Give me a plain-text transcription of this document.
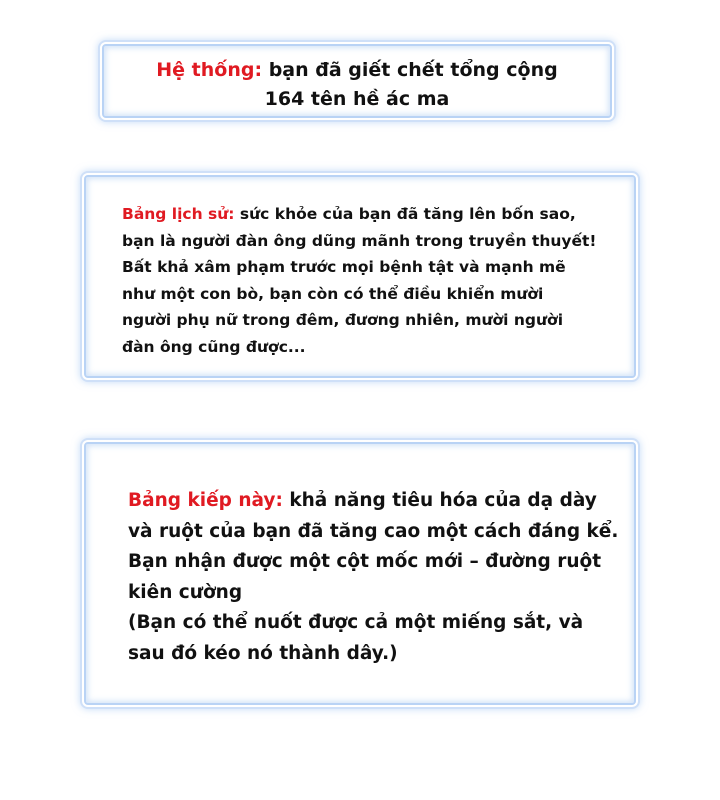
Hệ thống: bạn đã giết chết tổng cộng
164 tên hề ác ma
Bảng lịch sử: sức khỏe của bạn đã tăng lên bốn sao,
bạn là người đàn ông dũng mãnh trong truyền thuyết!
Bất khả xâm phạm trước mọi bệnh tật và mạnh mẽ
như một con bò, bạn còn có thể điều khiển mười
người phụ nữ trong đêm, đương nhiên, mười người
đàn ông cũng được...
Bảng kiếp này: khả năng tiêu hóa của dạ dày
và ruột của bạn đã tăng cao một cách đáng kể.
Bạn nhận được một cột mốc mới – đường ruột
kiên cường
(Bạn có thể nuốt được cả một miếng sắt, và
sau đó kéo nó thành dây.)
